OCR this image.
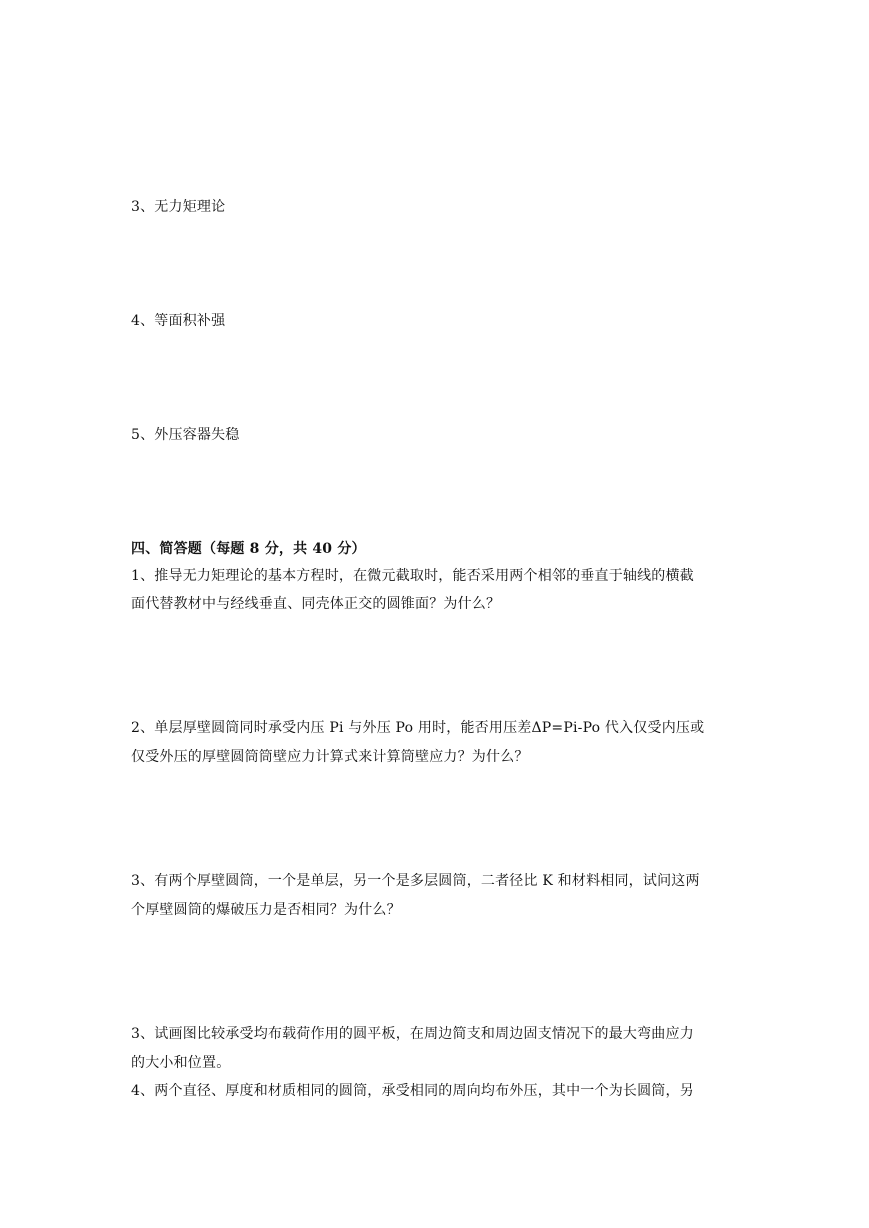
3、无力矩理论
4、等面积补强
5、外压容器失稳
四、简答题（每题 8 分，共 40 分）
1、推导无力矩理论的基本方程时，在微元截取时，能否采用两个相邻的垂直于轴线的横截
面代替教材中与经线垂直、同壳体正交的圆锥面？为什么？
2、单层厚壁圆筒同时承受内压 Pi 与外压 Po 用时，能否用压差ΔP=Pi-Po 代入仅受内压或
仅受外压的厚壁圆筒筒壁应力计算式来计算筒壁应力？为什么？
3、有两个厚壁圆筒，一个是单层，另一个是多层圆筒，二者径比 K 和材料相同，试问这两
个厚壁圆筒的爆破压力是否相同？为什么？
3、试画图比较承受均布载荷作用的圆平板，在周边简支和周边固支情况下的最大弯曲应力
的大小和位置。
4、两个直径、厚度和材质相同的圆筒，承受相同的周向均布外压，其中一个为长圆筒，另
